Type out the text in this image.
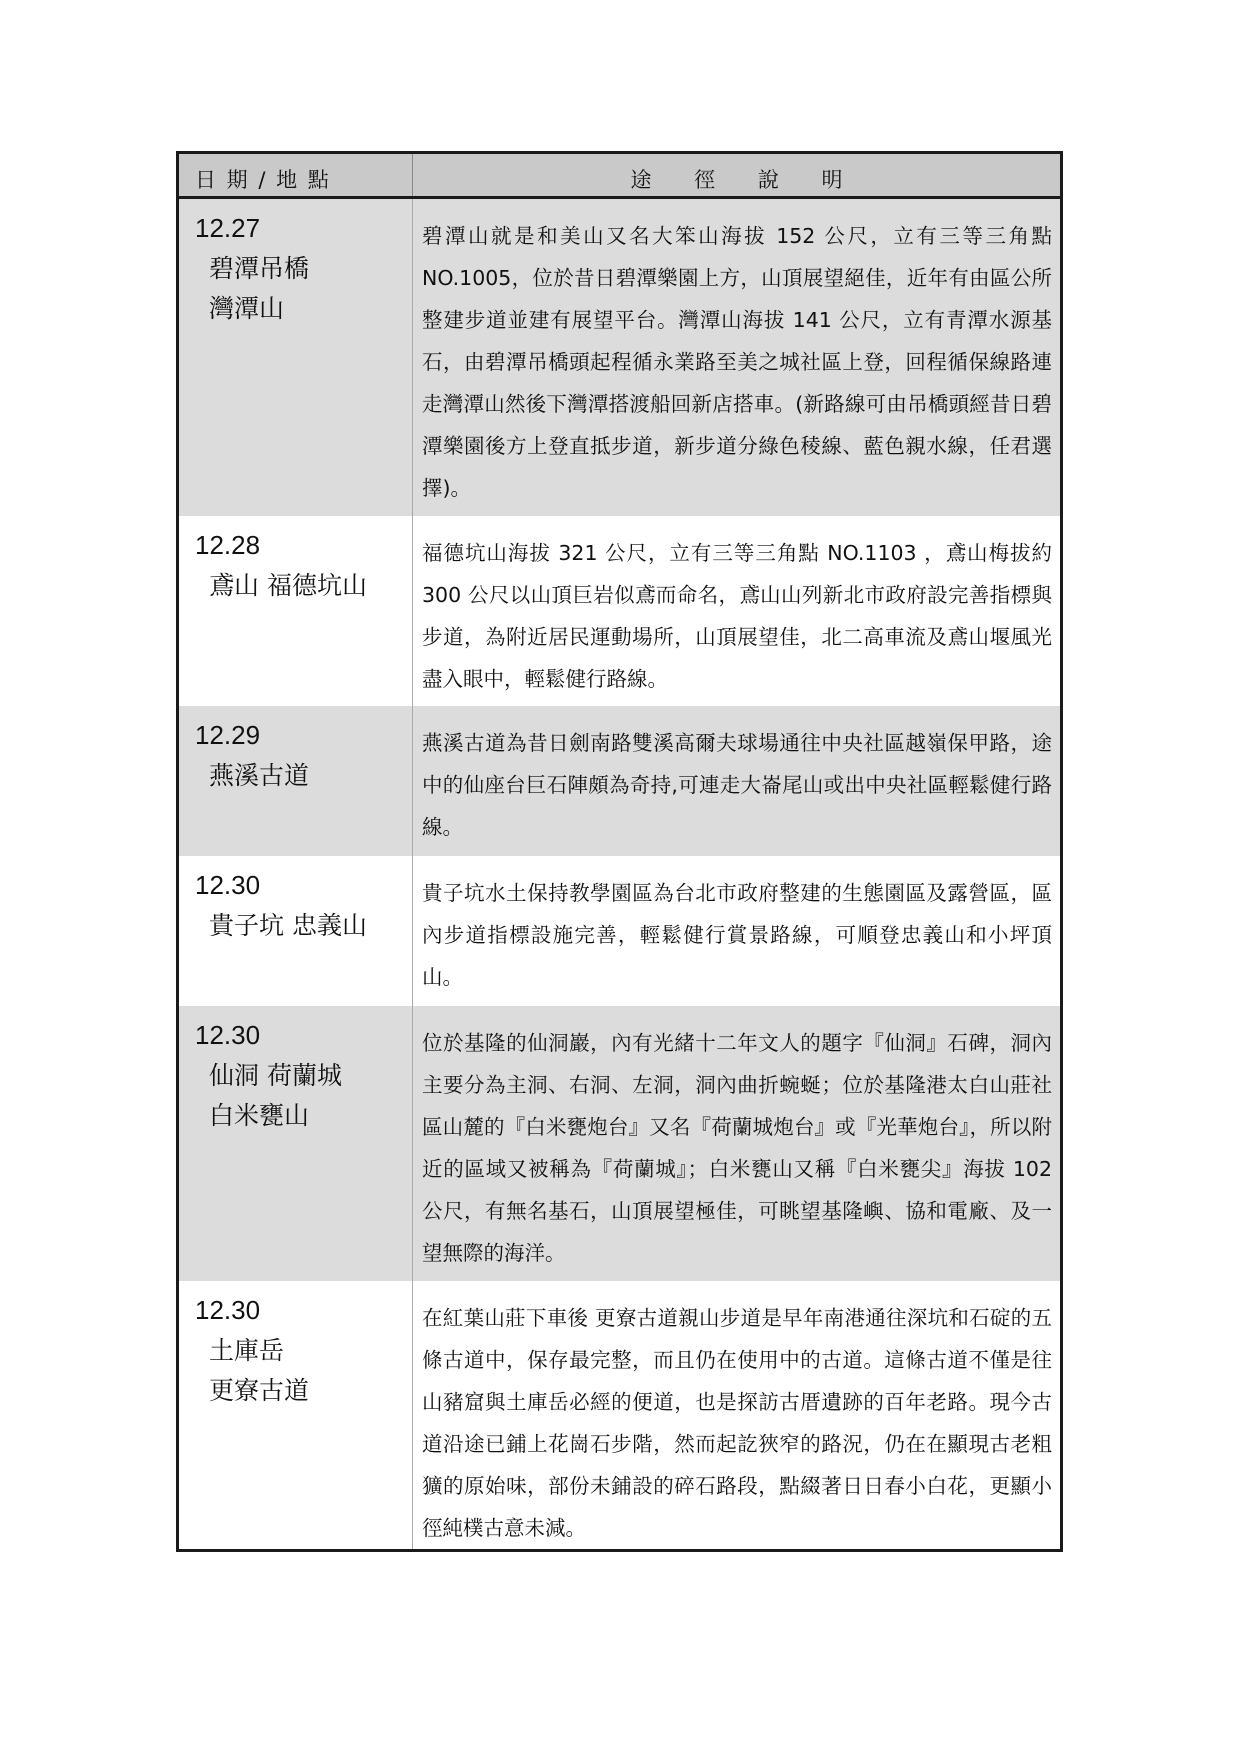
日 期 / 地 點	途 徑 說 明
12.27
碧潭吊橋
灣潭山
碧潭山就是和美山又名大笨山海拔 152 公尺，立有三等三角點 NO.1005，位於昔日碧潭樂園上方，山頂展望絕佳，近年有由區公所整建步道並建有展望平台。灣潭山海拔 141 公尺，立有青潭水源基石，由碧潭吊橋頭起程循永業路至美之城社區上登，回程循保線路連走灣潭山然後下灣潭搭渡船回新店搭車。(新路線可由吊橋頭經昔日碧潭樂園後方上登直抵步道，新步道分綠色稜線、藍色親水線，任君選擇)。
12.28
鳶山 福德坑山
福德坑山海拔 321 公尺，立有三等三角點 NO.1103 ，鳶山梅拔約 300 公尺以山頂巨岩似鳶而命名，鳶山山列新北市政府設完善指標與步道，為附近居民運動場所，山頂展望佳，北二高車流及鳶山堰風光盡入眼中，輕鬆健行路線。
12.29
燕溪古道
燕溪古道為昔日劍南路雙溪高爾夫球場通往中央社區越嶺保甲路，途中的仙座台巨石陣頗為奇持,可連走大崙尾山或出中央社區輕鬆健行路線。
12.30
貴子坑 忠義山
貴子坑水土保持教學園區為台北市政府整建的生態園區及露營區，區內步道指標設施完善，輕鬆健行賞景路線，可順登忠義山和小坪頂山。
12.30
仙洞 荷蘭城
白米甕山
位於基隆的仙洞巖，內有光緒十二年文人的題字『仙洞』石碑，洞內主要分為主洞、右洞、左洞，洞內曲折蜿蜒；位於基隆港太白山莊社區山麓的『白米甕炮台』又名『荷蘭城炮台』或『光華炮台』，所以附近的區域又被稱為『荷蘭城』；白米甕山又稱『白米甕尖』海拔 102 公尺，有無名基石，山頂展望極佳，可眺望基隆嶼、協和電廠、及一望無際的海洋。
12.30
土庫岳
更寮古道
在紅葉山莊下車後 更寮古道親山步道是早年南港通往深坑和石碇的五條古道中，保存最完整，而且仍在使用中的古道。這條古道不僅是往山豬窟與土庫岳必經的便道，也是探訪古厝遺跡的百年老路。現今古道沿途已鋪上花崗石步階，然而起訖狹窄的路況，仍在在顯現古老粗獷的原始味，部份未鋪設的碎石路段，點綴著日日春小白花，更顯小徑純樸古意未減。
